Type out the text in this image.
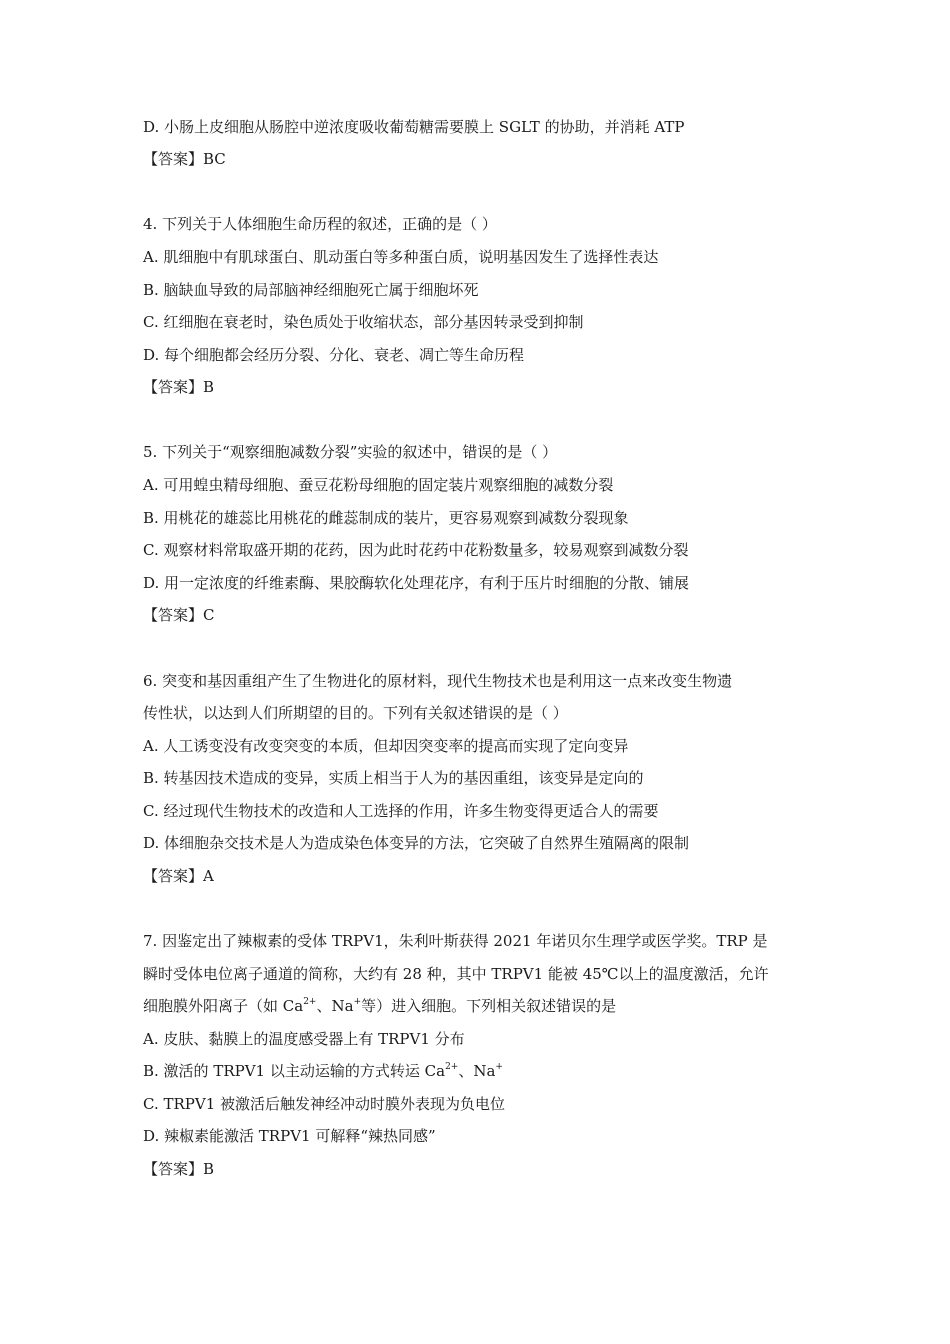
D. 小肠上皮细胞从肠腔中逆浓度吸收葡萄糖需要膜上 SGLT 的协助，并消耗 ATP
【答案】BC
4. 下列关于人体细胞生命历程的叙述，正确的是（ ）
A. 肌细胞中有肌球蛋白、肌动蛋白等多种蛋白质，说明基因发生了选择性表达
B. 脑缺血导致的局部脑神经细胞死亡属于细胞坏死
C. 红细胞在衰老时，染色质处于收缩状态，部分基因转录受到抑制
D. 每个细胞都会经历分裂、分化、衰老、凋亡等生命历程
【答案】B
5. 下列关于“观察细胞减数分裂”实验的叙述中，错误的是（ ）
A. 可用蝗虫精母细胞、蚕豆花粉母细胞的固定装片观察细胞的减数分裂
B. 用桃花的雄蕊比用桃花的雌蕊制成的装片，更容易观察到减数分裂现象
C. 观察材料常取盛开期的花药，因为此时花药中花粉数量多，较易观察到减数分裂
D. 用一定浓度的纤维素酶、果胶酶软化处理花序，有利于压片时细胞的分散、铺展
【答案】C
6. 突变和基因重组产生了生物进化的原材料，现代生物技术也是利用这一点来改变生物遗
传性状，以达到人们所期望的目的。下列有关叙述错误的是（ ）
A. 人工诱变没有改变突变的本质，但却因突变率的提高而实现了定向变异
B. 转基因技术造成的变异，实质上相当于人为的基因重组，该变异是定向的
C. 经过现代生物技术的改造和人工选择的作用，许多生物变得更适合人的需要
D. 体细胞杂交技术是人为造成染色体变异的方法，它突破了自然界生殖隔离的限制
【答案】A
7. 因鉴定出了辣椒素的受体 TRPV1，朱利叶斯获得 2021 年诺贝尔生理学或医学奖。TRP 是
瞬时受体电位离子通道的简称，大约有 28 种，其中 TRPV1 能被 45℃以上的温度激活，允许
细胞膜外阳离子（如 $Ca^{2+}$、Na+等）进入细胞。下列相关叙述错误的是
A. 皮肤、黏膜上的温度感受器上有 TRPV1 分布
B. 激活的 TRPV1 以主动运输的方式转运 $Ca^{2+}$、Na+
C. TRPV1 被激活后触发神经冲动时膜外表现为负电位
D. 辣椒素能激活 TRPV1 可解释“辣热同感”
【答案】B
